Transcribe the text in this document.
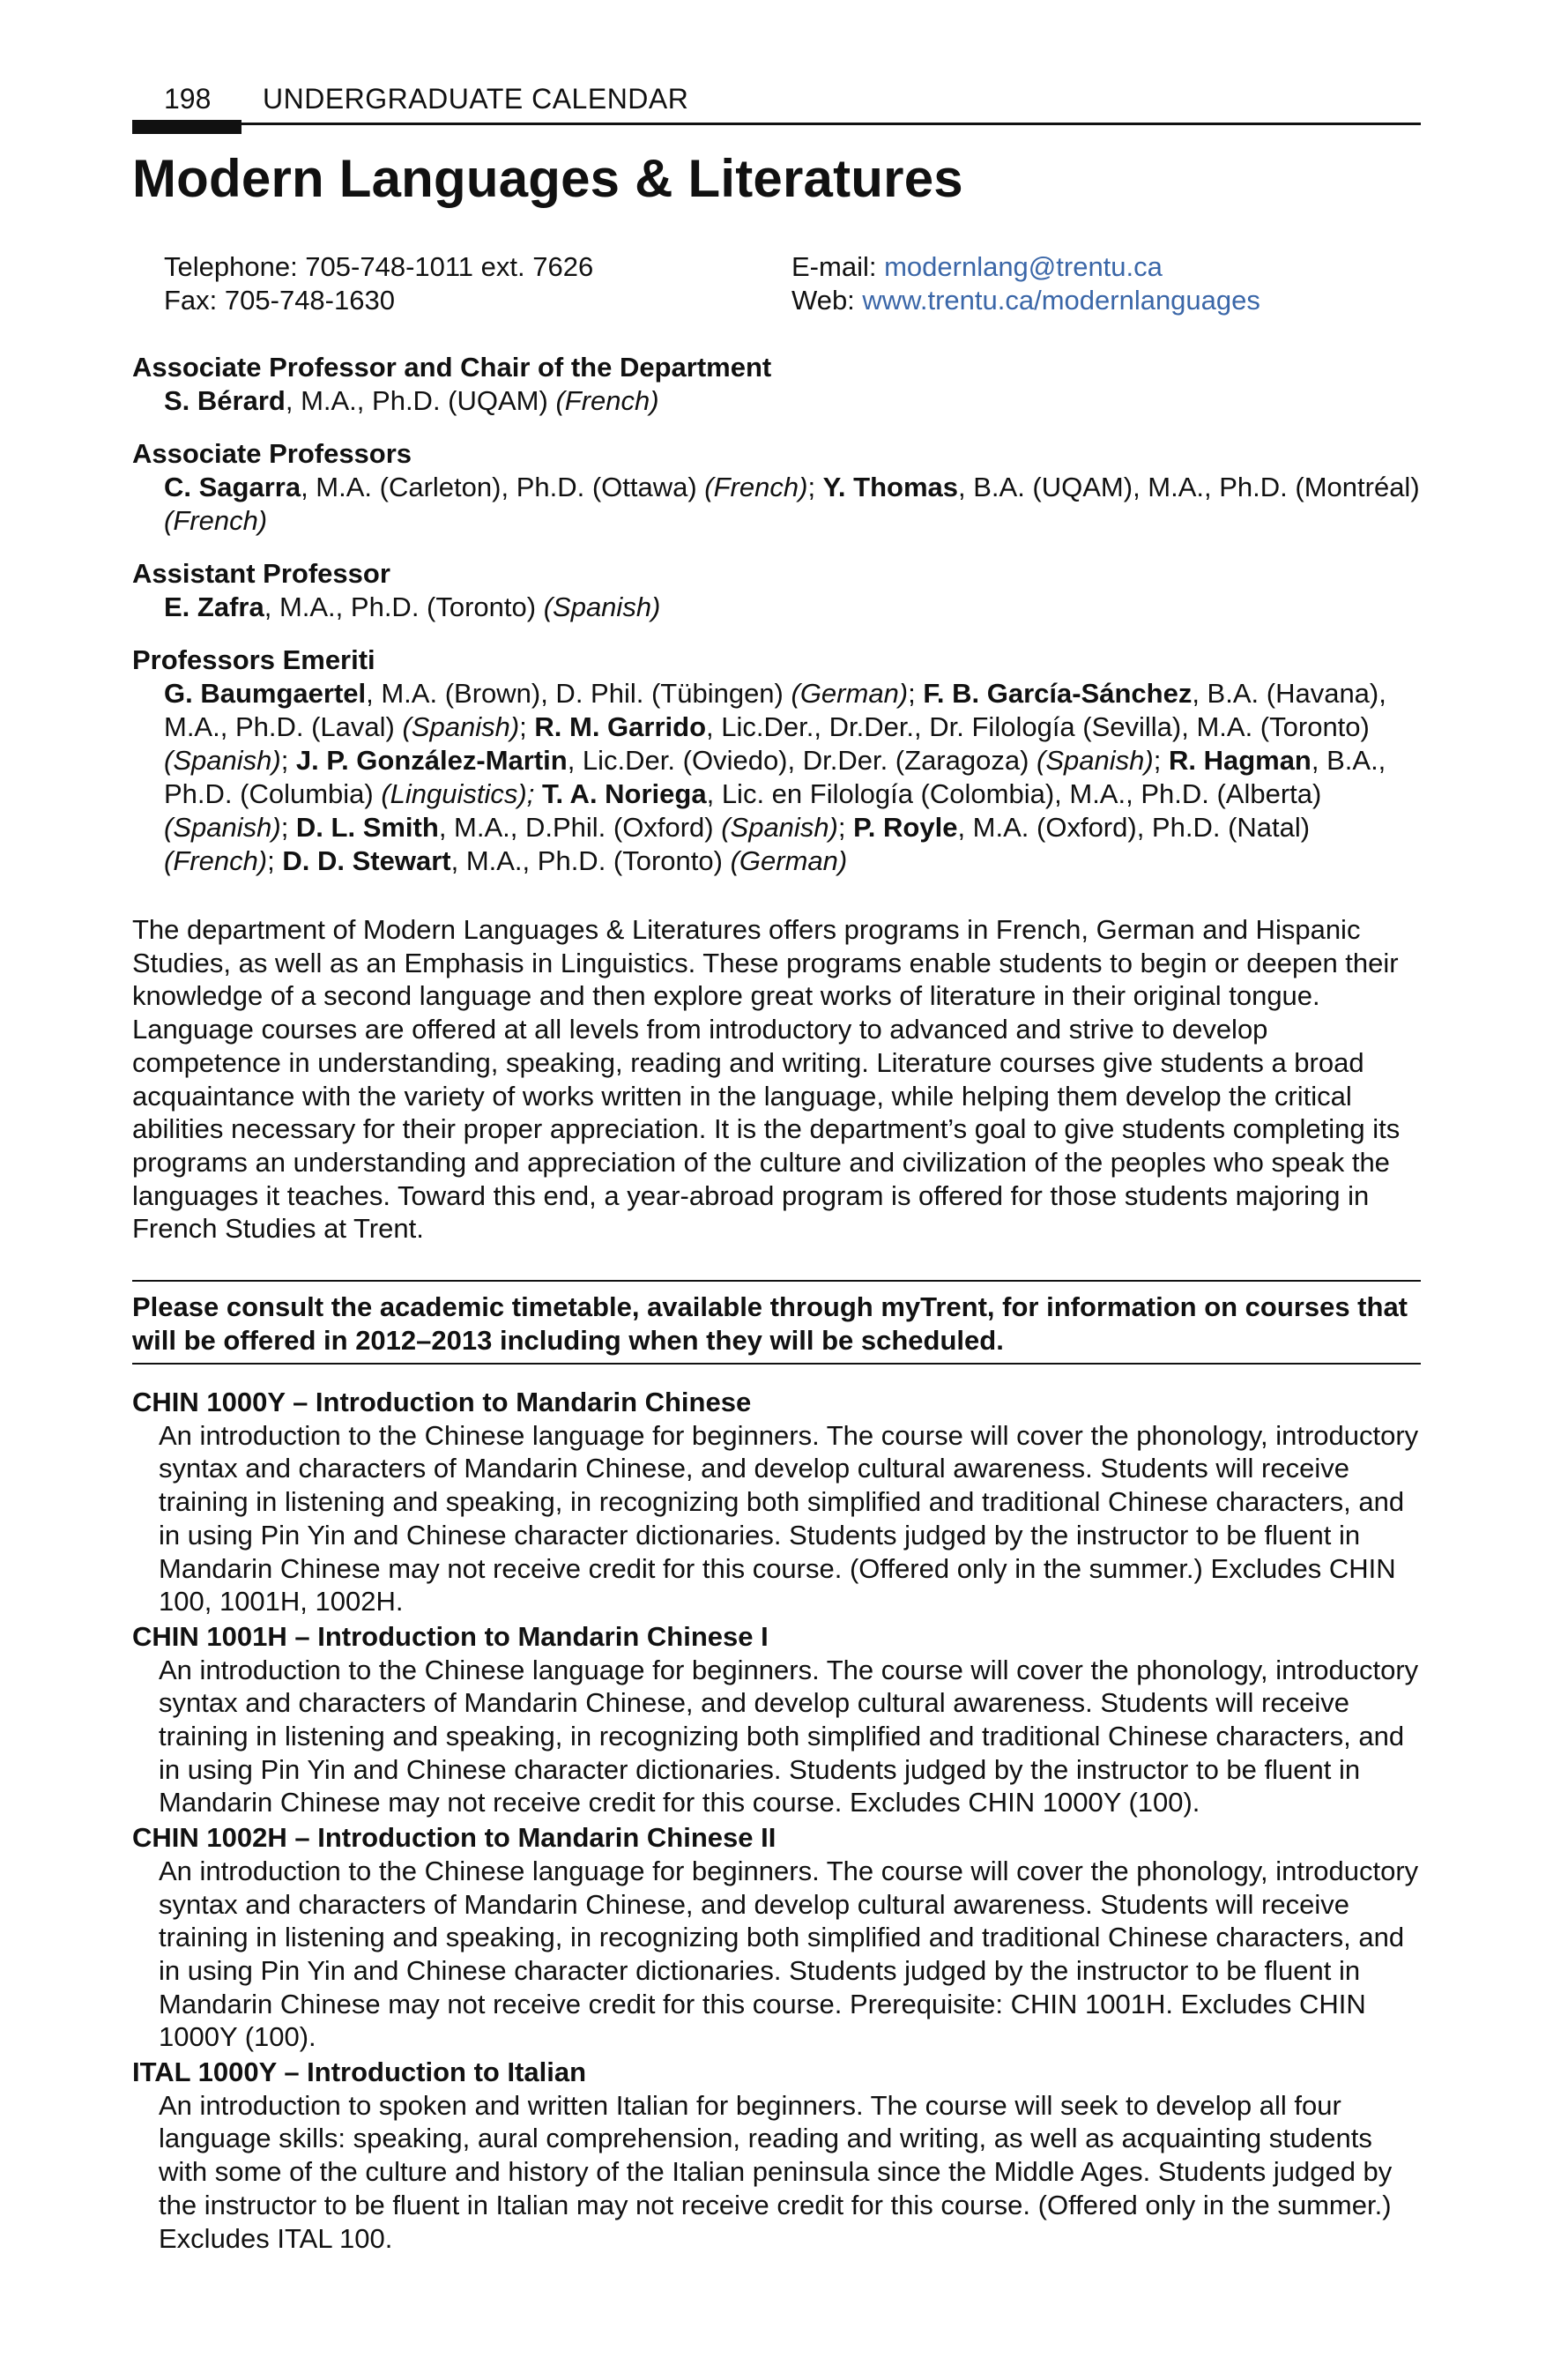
198 UNDERGRADUATE CALENDAR
Modern Languages & Literatures
Telephone: 705-748-1011 ext. 7626
Fax: 705-748-1630
E-mail: modernlang@trentu.ca
Web: www.trentu.ca/modernlanguages
Associate Professor and Chair of the Department
S. Bérard, M.A., Ph.D. (UQAM) (French)
Associate Professors
C. Sagarra, M.A. (Carleton), Ph.D. (Ottawa) (French); Y. Thomas, B.A. (UQAM), M.A., Ph.D. (Montréal) (French)
Assistant Professor
E. Zafra, M.A., Ph.D. (Toronto) (Spanish)
Professors Emeriti
G. Baumgaertel, M.A. (Brown), D. Phil. (Tübingen) (German); F. B. García-Sánchez, B.A. (Havana), M.A., Ph.D. (Laval) (Spanish); R. M. Garrido, Lic.Der., Dr.Der., Dr. Filología (Sevilla), M.A. (Toronto) (Spanish); J. P. González-Martin, Lic.Der. (Oviedo), Dr.Der. (Zaragoza) (Spanish); R. Hagman, B.A., Ph.D. (Columbia) (Linguistics); T. A. Noriega, Lic. en Filología (Colombia), M.A., Ph.D. (Alberta) (Spanish); D. L. Smith, M.A., D.Phil. (Oxford) (Spanish); P. Royle, M.A. (Oxford), Ph.D. (Natal) (French); D. D. Stewart, M.A., Ph.D. (Toronto) (German)

The department of Modern Languages & Literatures offers programs in French, German and Hispanic Studies, as well as an Emphasis in Linguistics. These programs enable students to begin or deepen their knowledge of a second language and then explore great works of literature in their original tongue. Language courses are offered at all levels from introductory to advanced and strive to develop competence in understanding, speaking, reading and writing. Literature courses give students a broad acquaintance with the variety of works written in the language, while helping them develop the critical abilities necessary for their proper appreciation. It is the department’s goal to give students completing its programs an understanding and appreciation of the culture and civilization of the peoples who speak the languages it teaches. Toward this end, a year-abroad program is offered for those students majoring in French Studies at Trent.

Please consult the academic timetable, available through myTrent, for information on courses that will be offered in 2012–2013 including when they will be scheduled.
CHIN 1000Y – Introduction to Mandarin Chinese
An introduction to the Chinese language for beginners. The course will cover the phonology, introductory syntax and characters of Mandarin Chinese, and develop cultural awareness. Students will receive training in listening and speaking, in recognizing both simplified and traditional Chinese characters, and in using Pin Yin and Chinese character dictionaries. Students judged by the instructor to be fluent in Mandarin Chinese may not receive credit for this course. (Offered only in the summer.) Excludes CHIN 100, 1001H, 1002H.
CHIN 1001H – Introduction to Mandarin Chinese I
An introduction to the Chinese language for beginners. The course will cover the phonology, introductory syntax and characters of Mandarin Chinese, and develop cultural awareness. Students will receive training in listening and speaking, in recognizing both simplified and traditional Chinese characters, and in using Pin Yin and Chinese character dictionaries. Students judged by the instructor to be fluent in Mandarin Chinese may not receive credit for this course. Excludes CHIN 1000Y (100).
CHIN 1002H – Introduction to Mandarin Chinese II
An introduction to the Chinese language for beginners. The course will cover the phonology, introductory syntax and characters of Mandarin Chinese, and develop cultural awareness. Students will receive training in listening and speaking, in recognizing both simplified and traditional Chinese characters, and in using Pin Yin and Chinese character dictionaries. Students judged by the instructor to be fluent in Mandarin Chinese may not receive credit for this course. Prerequisite: CHIN 1001H. Excludes CHIN 1000Y (100).
ITAL 1000Y – Introduction to Italian
An introduction to spoken and written Italian for beginners. The course will seek to develop all four language skills: speaking, aural comprehension, reading and writing, as well as acquainting students with some of the culture and history of the Italian peninsula since the Middle Ages. Students judged by the instructor to be fluent in Italian may not receive credit for this course. (Offered only in the summer.) Excludes ITAL 100.
